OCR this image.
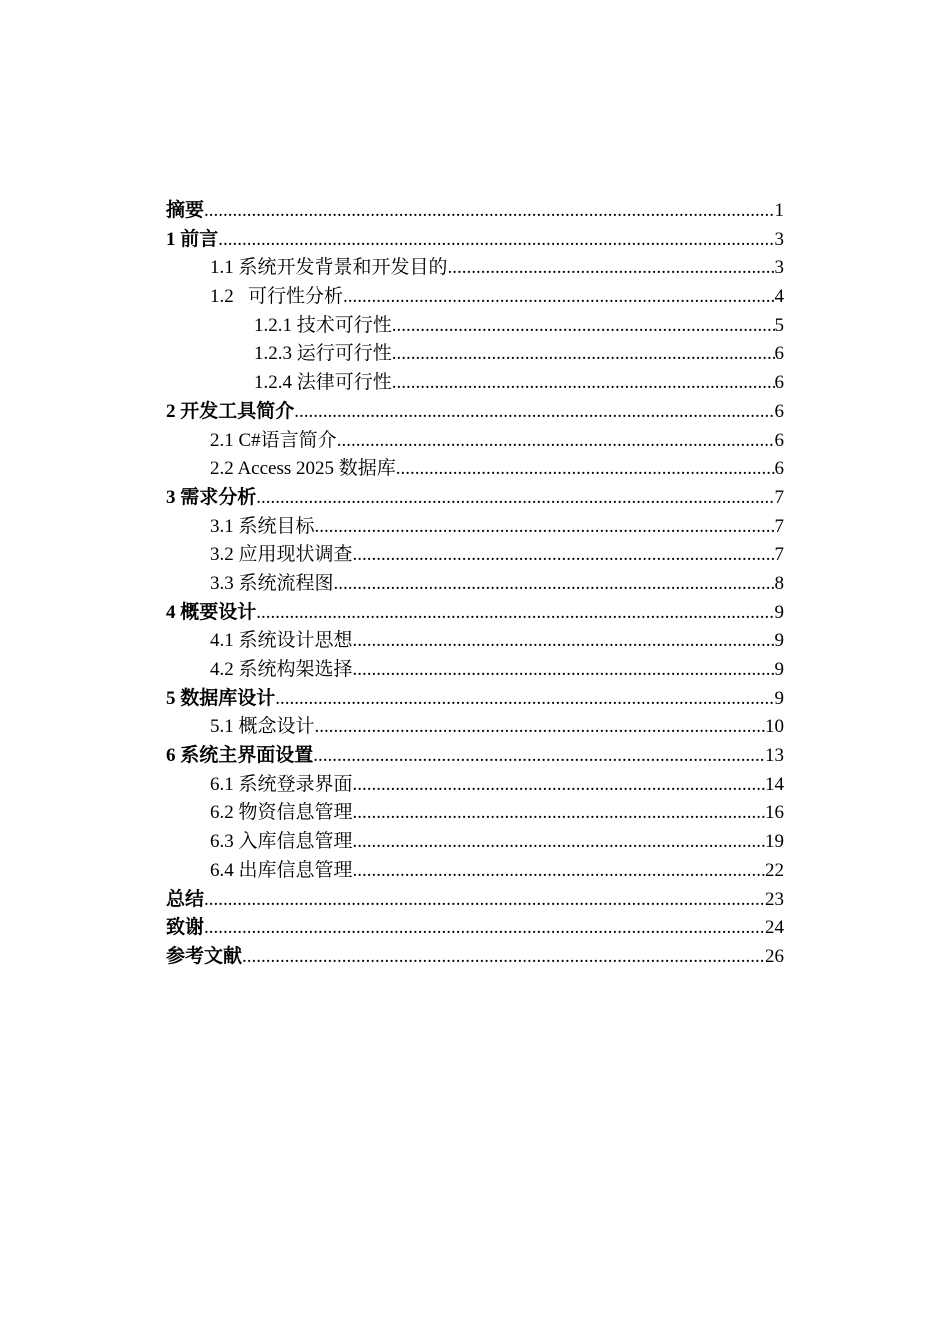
摘要 .....	1
1 前言 .....	3
1.1 系统开发背景和开发目的 .....	3
1.2   可行性分析 .....	4
1.2.1 技术可行性 .....	5
1.2.3 运行可行性 .....	6
1.2.4 法律可行性 .....	6
2 开发工具简介 .....	6
2.1 C#语言简介 .....	6
2.2 Access 2025 数据库 .....	6
3 需求分析 .....	7
3.1 系统目标 .....	7
3.2 应用现状调查 .....	7
3.3 系统流程图 .....	8
4 概要设计 .....	9
4.1 系统设计思想 .....	9
4.2 系统构架选择 .....	9
5 数据库设计 .....	9
5.1 概念设计 .....	10
6 系统主界面设置 .....	13
6.1 系统登录界面 .....	14
6.2 物资信息管理 .....	16
6.3 入库信息管理 .....	19
6.4 出库信息管理 .....	22
总结 .....	23
致谢 .....	24
参考文献 .....	26
